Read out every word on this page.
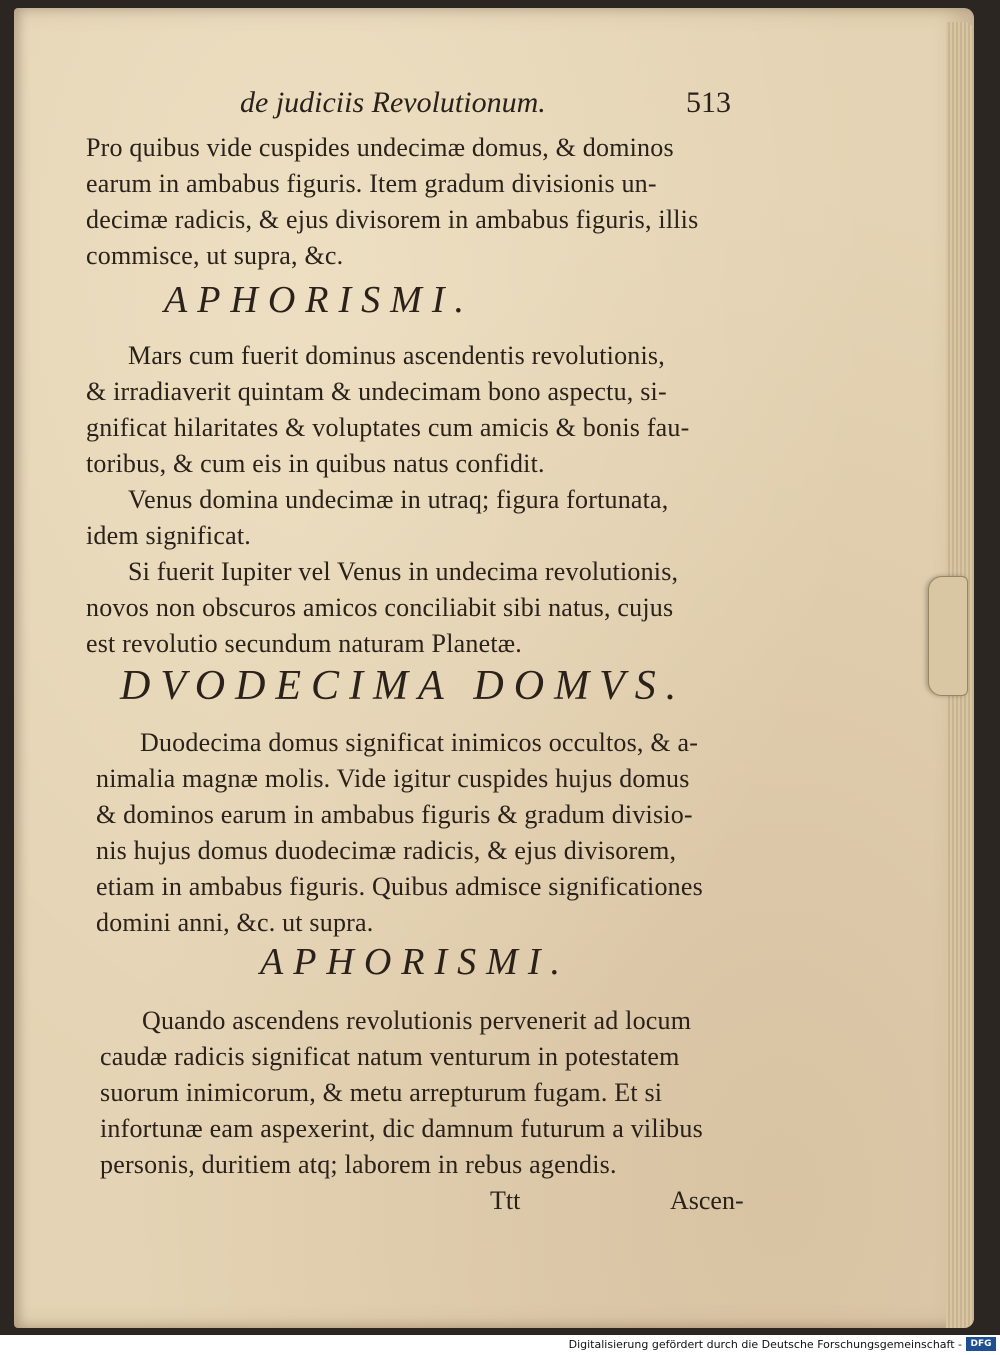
de judiciis Revolutionum.	513
Pro quibus vide cuspides undecimæ domus, & dominos
earum in ambabus figuris. Item gradum divisionis un-
decimæ radicis, & ejus divisorem in ambabus figuris, illis
commisce, ut supra, &c.
APHORISMI.
Mars cum fuerit dominus ascendentis revolutionis,
& irradiaverit quintam & undecimam bono aspectu, si-
gnificat hilaritates & voluptates cum amicis & bonis fau-
toribus, & cum eis in quibus natus confidit.
Venus domina undecimæ in utraq; figura fortunata,
idem significat.
Si fuerit Iupiter vel Venus in undecima revolutionis,
novos non obscuros amicos conciliabit sibi natus, cujus
est revolutio secundum naturam Planetæ.
DVODECIMA DOMVS.
Duodecima domus significat inimicos occultos, & a-
nimalia magnæ molis. Vide igitur cuspides hujus domus
& dominos earum in ambabus figuris & gradum divisio-
nis hujus domus duodecimæ radicis, & ejus divisorem,
etiam in ambabus figuris. Quibus admisce significationes
domini anni, &c. ut supra.
APHORISMI.
Quando ascendens revolutionis pervenerit ad locum
caudæ radicis significat natum venturum in potestatem
suorum inimicorum, & metu arrepturum fugam. Et si
infortunæ eam aspexerint, dic damnum futurum a vilibus
personis, duritiem atq; laborem in rebus agendis.
Ttt	Ascen-
Digitalisierung gefördert durch die Deutsche Forschungsgemeinschaft - DFG
